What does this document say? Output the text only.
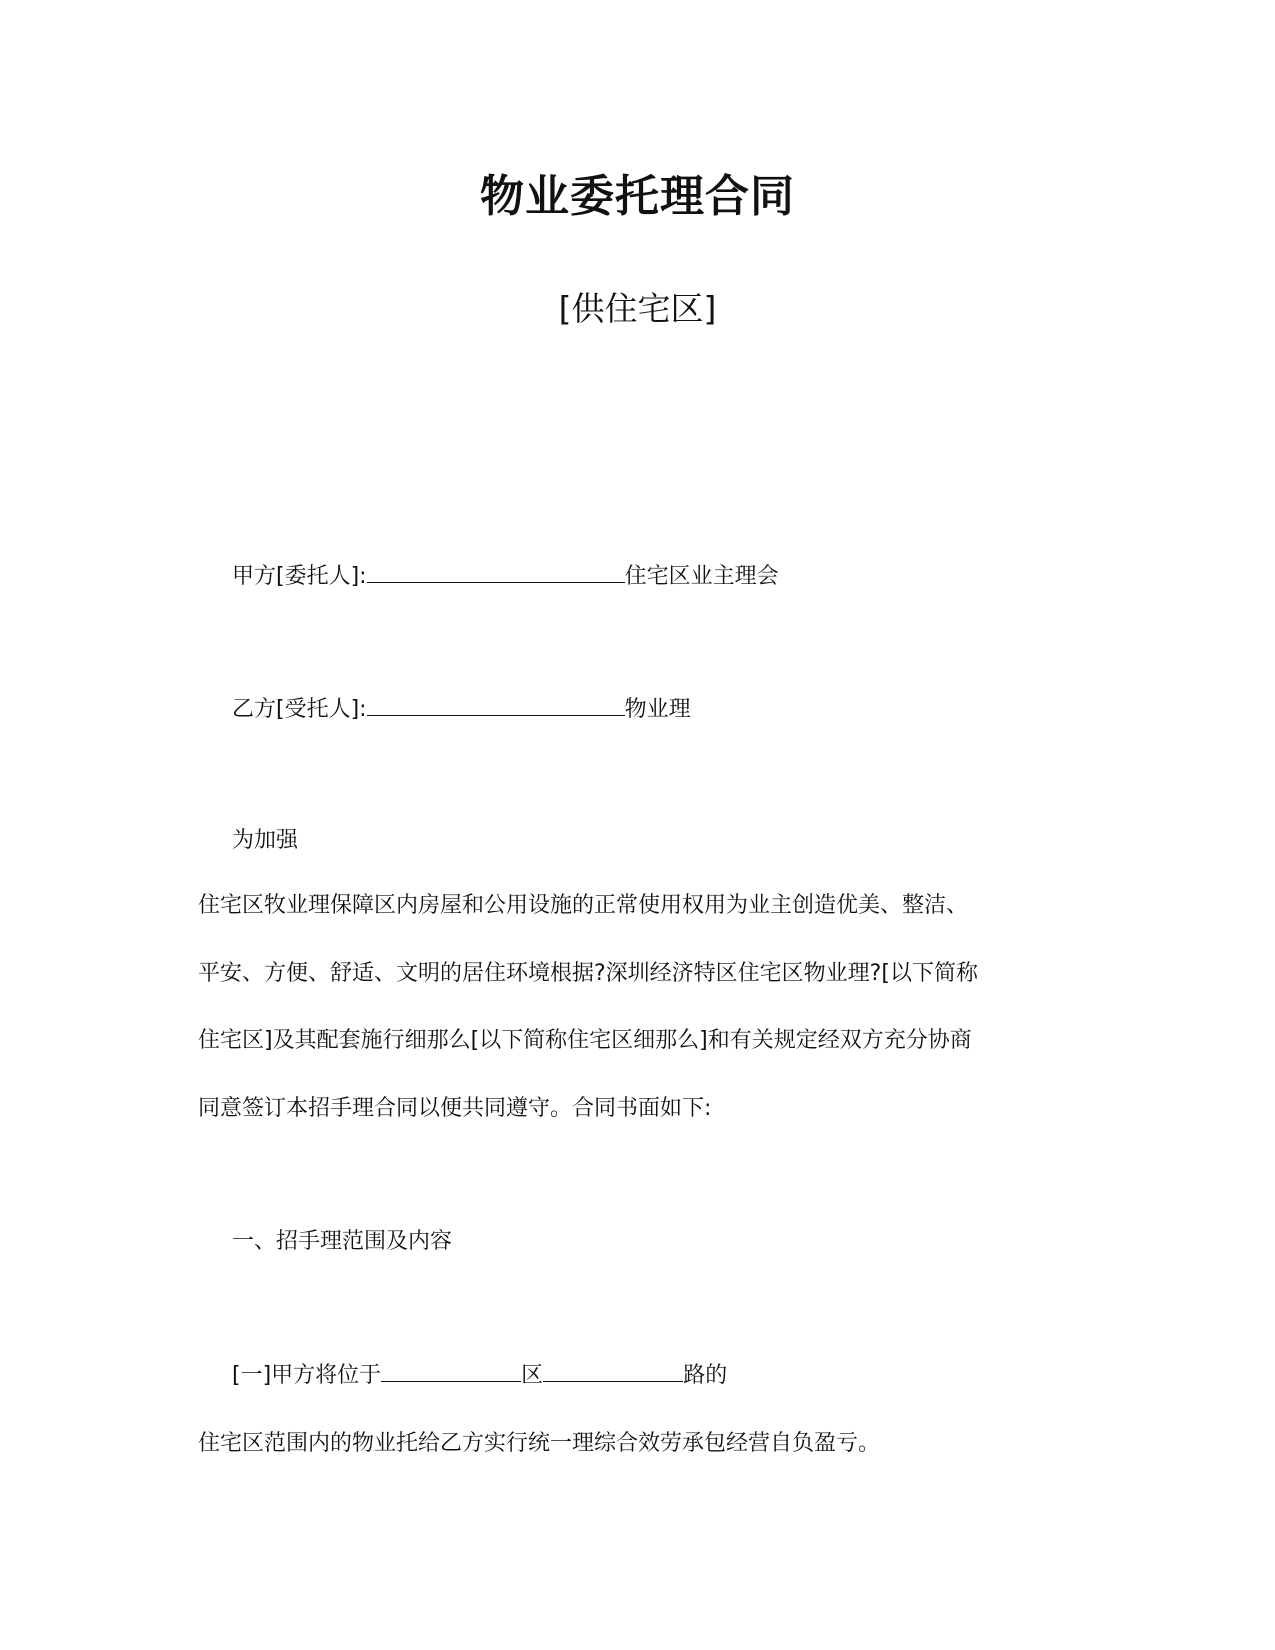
物业委托理合同
[供住宅区]
甲方[委托人]:	住宅区业主理会
乙方[受托人]:	物业理
为加强
住宅区牧业理保障区内房屋和公用设施的正常使用权用为业主创造优美、整洁、
平安、方便、舒适、文明的居住环境根据?深圳经济特区住宅区物业理?[以下简称
住宅区]及其配套施行细那么[以下简称住宅区细那么]和有关规定经双方充分协商
同意签订本招手理合同以便共同遵守。合同书面如下:
一、招手理范围及内容
[一]甲方将位于	区	路的
住宅区范围内的物业托给乙方实行统一理综合效劳承包经营自负盈亏。
